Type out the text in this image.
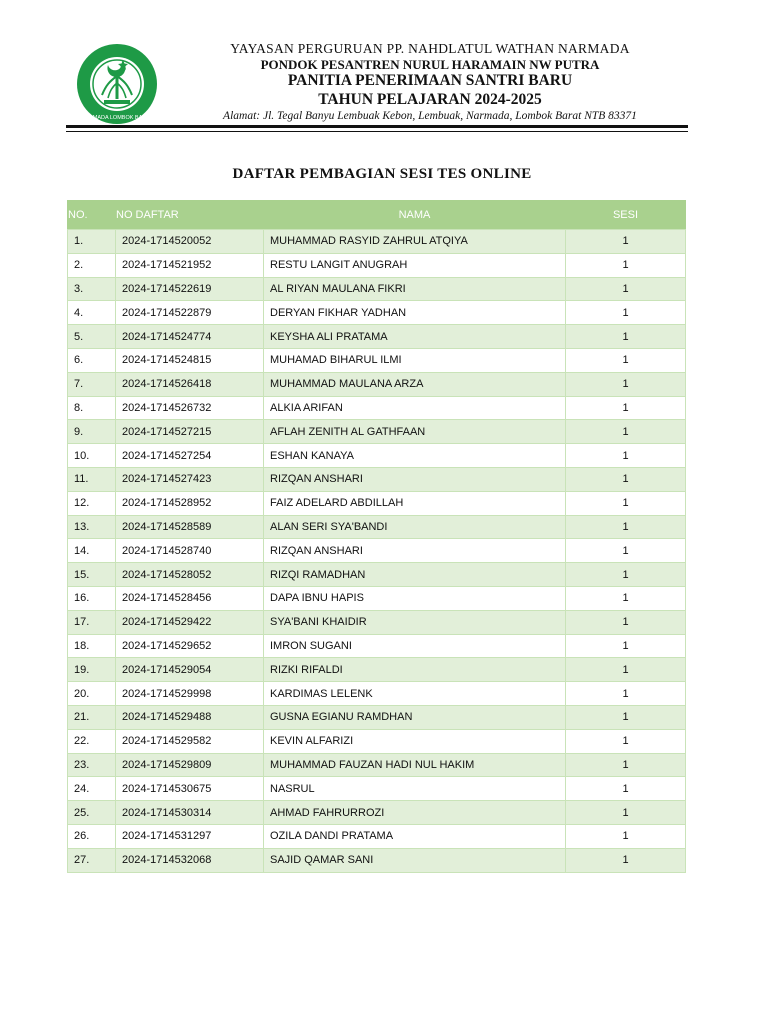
NARMADA LOMBOK BARAT
YAYASAN PERGURUAN PP. NAHDLATUL WATHAN NARMADA
PONDOK PESANTREN NURUL HARAMAIN NW PUTRA
PANITIA PENERIMAAN SANTRI BARU
TAHUN PELAJARAN 2024-2025
Alamat: Jl. Tegal Banyu Lembuak Kebon, Lembuak, Narmada, Lombok Barat NTB 83371
DAFTAR PEMBAGIAN SESI TES ONLINE
NO.	NO DAFTAR	NAMA	SESI
1.	2024-1714520052	MUHAMMAD RASYID ZAHRUL ATQIYA	1
2.	2024-1714521952	RESTU LANGIT ANUGRAH	1
3.	2024-1714522619	AL RIYAN MAULANA FIKRI	1
4.	2024-1714522879	DERYAN FIKHAR YADHAN	1
5.	2024-1714524774	KEYSHA ALI PRATAMA	1
6.	2024-1714524815	MUHAMAD BIHARUL ILMI	1
7.	2024-1714526418	MUHAMMAD MAULANA ARZA	1
8.	2024-1714526732	ALKIA ARIFAN	1
9.	2024-1714527215	AFLAH ZENITH AL GATHFAAN	1
10.	2024-1714527254	ESHAN KANAYA	1
11.	2024-1714527423	RIZQAN ANSHARI	1
12.	2024-1714528952	FAIZ ADELARD ABDILLAH	1
13.	2024-1714528589	ALAN SERI SYA'BANDI	1
14.	2024-1714528740	RIZQAN ANSHARI	1
15.	2024-1714528052	RIZQI RAMADHAN	1
16.	2024-1714528456	DAPA IBNU HAPIS	1
17.	2024-1714529422	SYA'BANI KHAIDIR	1
18.	2024-1714529652	IMRON SUGANI	1
19.	2024-1714529054	RIZKI RIFALDI	1
20.	2024-1714529998	KARDIMAS LELENK	1
21.	2024-1714529488	GUSNA EGIANU RAMDHAN	1
22.	2024-1714529582	KEVIN ALFARIZI	1
23.	2024-1714529809	MUHAMMAD FAUZAN HADI NUL HAKIM	1
24.	2024-1714530675	NASRUL	1
25.	2024-1714530314	AHMAD FAHRURROZI	1
26.	2024-1714531297	OZILA DANDI PRATAMA	1
27.	2024-1714532068	SAJID QAMAR SANI	1
